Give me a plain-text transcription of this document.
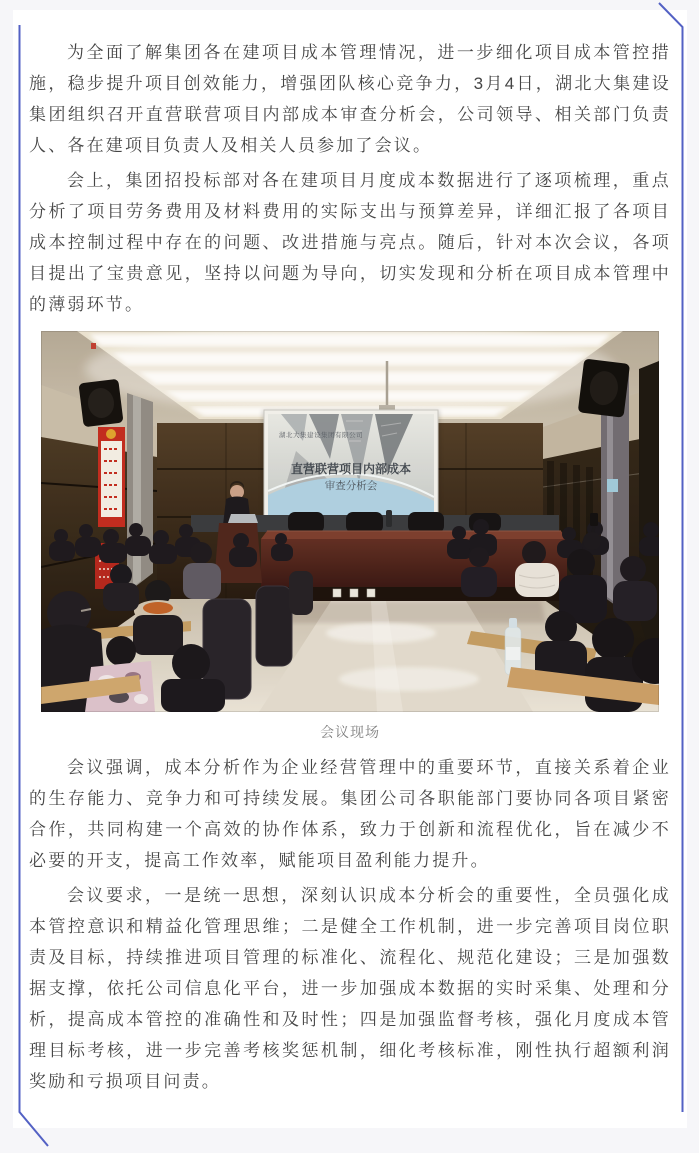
为全面了解集团各在建项目成本管理情况，进一步细化项目成本管控措施，稳步提升项目创效能力，增强团队核心竞争力，3月4日，湖北大集建设集团组织召开直营联营项目内部成本审查分析会，公司领导、相关部门负责人、各在建项目负责人及相关人员参加了会议。

会上，集团招投标部对各在建项目月度成本数据进行了逐项梳理，重点分析了项目劳务费用及材料费用的实际支出与预算差异，详细汇报了各项目成本控制过程中存在的问题、改进措施与亮点。随后，针对本次会议，各项目提出了宝贵意见，坚持以问题为导向，切实发现和分析在项目成本管理中的薄弱环节。

湖北大集建设集团有限公司
直营联营项目内部成本
审查分析会
会议现场

会议强调，成本分析作为企业经营管理中的重要环节，直接关系着企业的生存能力、竞争力和可持续发展。集团公司各职能部门要协同各项目紧密合作，共同构建一个高效的协作体系，致力于创新和流程优化，旨在减少不必要的开支，提高工作效率，赋能项目盈利能力提升。

会议要求，一是统一思想，深刻认识成本分析会的重要性，全员强化成本管控意识和精益化管理思维；二是健全工作机制，进一步完善项目岗位职责及目标，持续推进项目管理的标准化、流程化、规范化建设；三是加强数据支撑，依托公司信息化平台，进一步加强成本数据的实时采集、处理和分析，提高成本管控的准确性和及时性；四是加强监督考核，强化月度成本管理目标考核，进一步完善考核奖惩机制，细化考核标准，刚性执行超额利润奖励和亏损项目问责。
